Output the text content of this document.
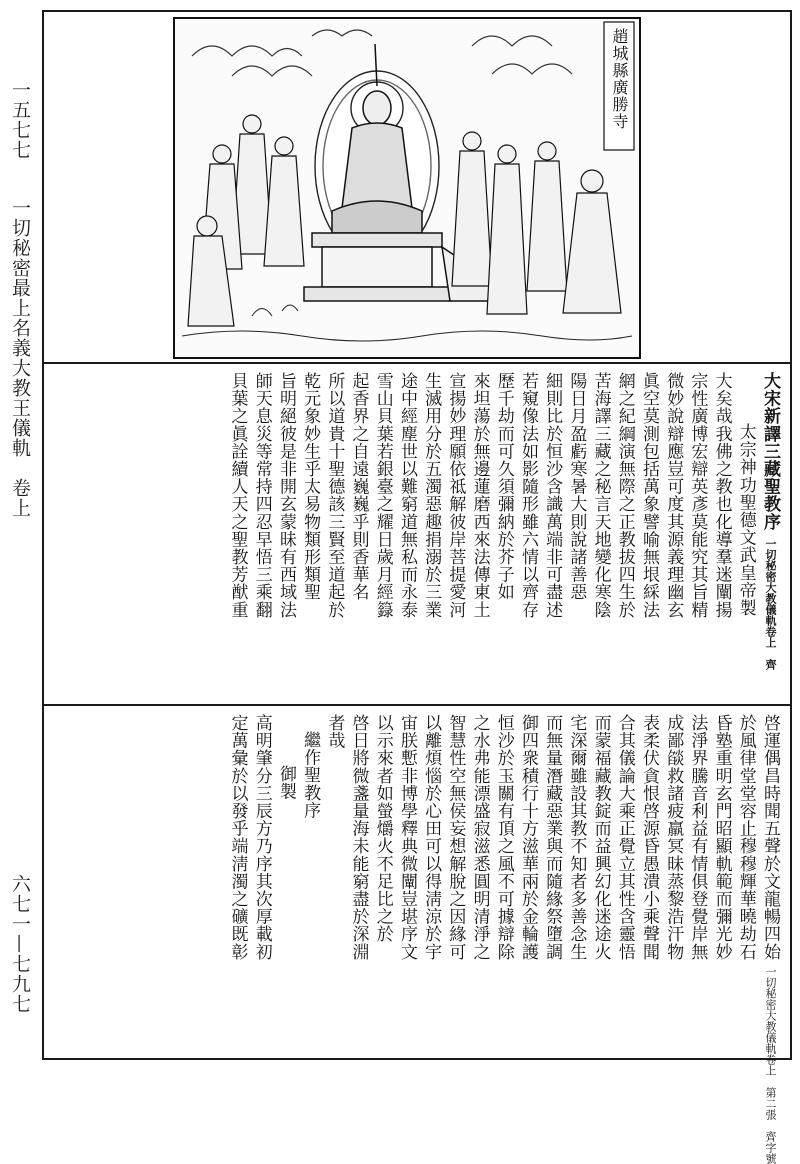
一五七七
一切秘密最上名義大教王儀軌　卷上
六七一—七九七
趙城縣廣勝寺
大宋新譯三藏聖教序一切秘密大教儀軌卷上　齊
太宗神功聖德文武皇帝製
大矣哉我佛之教也化導羣迷闡揚
宗性廣博宏辯英彥莫能究其旨精
微妙說辯應豈可度其源義理幽玄
眞空莫測包括萬象譬喻無垠綵法
網之紀綱演無際之正教拔四生於
苦海譯三藏之秘言天地變化寒陰
陽日月盈虧寒暑大則說諸善惡
細則比於恒沙含識萬端非可盡述
若窺像法如影隨形雖六情以齊存
歷千劫而可久須彌納於芥子如
來坦蕩於無邊蓮磨西來法傳東土
宣揚妙理願依祗解彼岸菩提愛河
生滅用分於五濁惡趣捐溺於三業
途中經塵世以難窮道無私而永泰
雪山貝葉若銀臺之耀日歲月經籙
起香界之自遠巍巍乎則香華名
所以道貴十聖德該三賢至道起於
乾元象妙生乎太易物類形類聖
旨明絕彼是非開玄蒙昧有西域法
師天息災等常持四忍早悟三乘翻
貝葉之眞詮續人天之聖教芳猷重
啓運偶昌時聞五聲於文龍暢四始一切秘密大教儀軌卷上　第二張　齊字號
於風律堂堂容止穆穆輝華曉劫石
昏塾重明玄門昭顯軌範而彌光妙
法淨界騰音利益有情俱登覺岸無
成鄙燄救諸疲羸冥昧蒸黎浩汗物
表柔伏貪恨啓源昏愚潰小乘聲聞
合其儀論大乘正覺立其性含靈悟
而蒙福藏教錠而益興幻化迷途火
宅深爾雖設其教不知者多善念生
而無量潛藏惡業與而隨緣祭墮調
御四衆積行十方滋華兩於金輪護
恒沙於玉關有頂之風不可據辯除
之水弗能漂盛寂滋悉圓明清淨之
智慧性空無侯妄想解脫之因緣可
以離煩惱於心田可以得淸涼於宇
宙朕慙非博學釋典微闡豈堪序文
以示來者如螢爝火不足比之於
啓日將微盞量海未能窮盡於深淵
者哉
繼作聖教序
御製
高明肇分三辰方乃序其次厚載初
定萬彙於以發乎端淸濁之礦既彰
